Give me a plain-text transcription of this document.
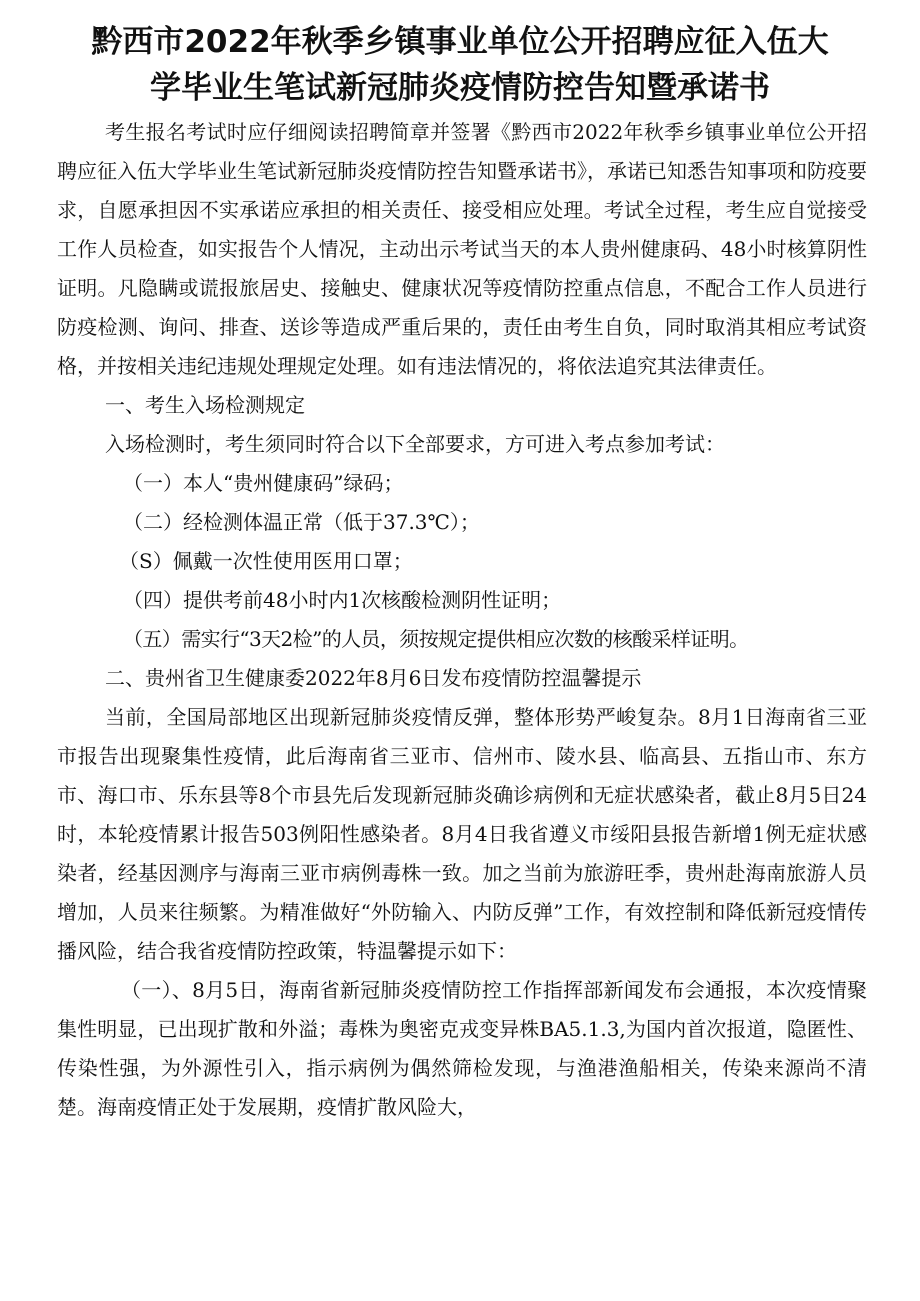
黔西市2022年秋季乡镇事业单位公开招聘应征入伍大
学毕业生笔试新冠肺炎疫情防控告知暨承诺书

考生报名考试时应仔细阅读招聘简章并签署《黔西市2022年秋季乡镇事业单位公开招聘应征入伍大学毕业生笔试新冠肺炎疫情防控告知暨承诺书》，承诺已知悉告知事项和防疫要求，自愿承担因不实承诺应承担的相关责任、接受相应处理。考试全过程，考生应自觉接受工作人员检查，如实报告个人情况，主动出示考试当天的本人贵州健康码、48小时核算阴性证明。凡隐瞒或谎报旅居史、接触史、健康状况等疫情防控重点信息，不配合工作人员进行防疫检测、询问、排查、送诊等造成严重后果的，责任由考生自负，同时取消其相应考试资格，并按相关违纪违规处理规定处理。如有违法情况的，将依法追究其法律责任。

一、考生入场检测规定

入场检测时，考生须同时符合以下全部要求，方可进入考点参加考试：

（一）本人“贵州健康码”绿码；

（二）经检测体温正常（低于37.3℃）；

（S）佩戴一次性使用医用口罩；

（四）提供考前48小时内1次核酸检测阴性证明；

（五）需实行“3天2检”的人员，须按规定提供相应次数的核酸采样证明。

二、贵州省卫生健康委2022年8月6日发布疫情防控温馨提示

当前，全国局部地区出现新冠肺炎疫情反弹，整体形势严峻复杂。8月1日海南省三亚市报告出现聚集性疫情，此后海南省三亚市、信州市、陵水县、临高县、五指山市、东方市、海口市、乐东县等8个市县先后发现新冠肺炎确诊病例和无症状感染者，截止8月5日24时，本轮疫情累计报告503例阳性感染者。8月4日我省遵义市绥阳县报告新增1例无症状感染者，经基因测序与海南三亚市病例毒株一致。加之当前为旅游旺季，贵州赴海南旅游人员增加，人员来往频繁。为精准做好“外防输入、内防反弹”工作，有效控制和降低新冠疫情传播风险，结合我省疫情防控政策，特温馨提示如下：

（一）、8月5日，海南省新冠肺炎疫情防控工作指挥部新闻发布会通报，本次疫情聚集性明显，已出现扩散和外溢；毒株为奥密克戎变异株BA5.1.3,为国内首次报道，隐匿性、传染性强，为外源性引入，指示病例为偶然筛检发现，与渔港渔船相关，传染来源尚不清楚。海南疫情正处于发展期，疫情扩散风险大，
